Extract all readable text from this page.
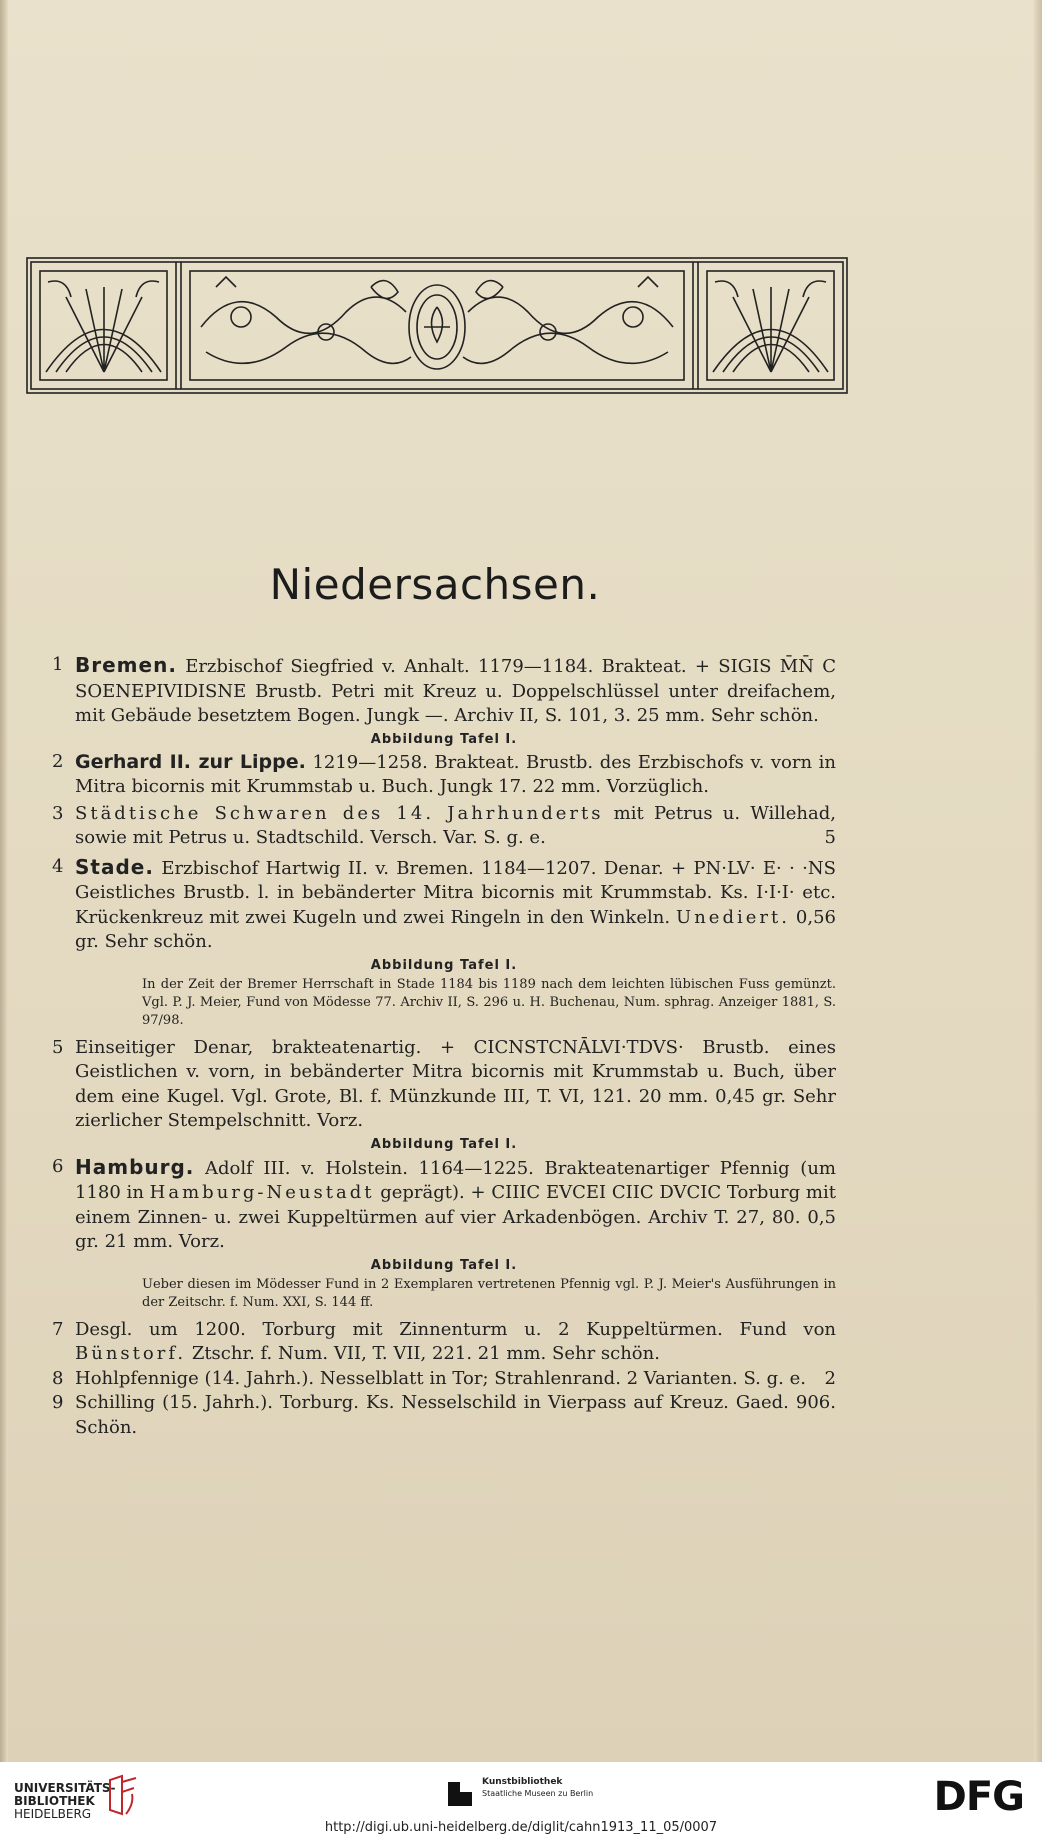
Niedersachsen.
1 Bremen. Erzbischof Siegfried v. Anhalt. 1179—1184. Brakteat. + SIGIS M̄N̄ C SOENEPIVIDISNE Brustb. Petri mit Kreuz u. Doppelschlüssel unter dreifachem, mit Gebäude besetztem Bogen. Jungk —. Archiv II, S. 101, 3. 25 mm. Sehr schön.
Abbildung Tafel I.
2 Gerhard II. zur Lippe. 1219—1258. Brakteat. Brustb. des Erzbischofs v. vorn in Mitra bicornis mit Krummstab u. Buch. Jungk 17. 22 mm. Vorzüglich.
3 Städtische Schwaren des 14. Jahrhunderts mit Petrus u. Willehad, sowie mit Petrus u. Stadtschild. Versch. Var. S. g. e.	5
4 Stade. Erzbischof Hartwig II. v. Bremen. 1184—1207. Denar. + PN·LV· E· · ·NS Geistliches Brustb. l. in bebänderter Mitra bicornis mit Krummstab. Ks. I·I·I· etc. Krückenkreuz mit zwei Kugeln und zwei Ringeln in den Winkeln. Unediert. 0,56 gr. Sehr schön.
Abbildung Tafel I.
In der Zeit der Bremer Herrschaft in Stade 1184 bis 1189 nach dem leichten lübischen Fuss gemünzt. Vgl. P. J. Meier, Fund von Mödesse 77. Archiv II, S. 296 u. H. Buchenau, Num. sphrag. Anzeiger 1881, S. 97/98.
5 Einseitiger Denar, brakteatenartig. + CICNSTCNĀLVI·TDVS· Brustb. eines Geistlichen v. vorn, in bebänderter Mitra bicornis mit Krummstab u. Buch, über dem eine Kugel. Vgl. Grote, Bl. f. Münzkunde III, T. VI, 121. 20 mm. 0,45 gr. Sehr zierlicher Stempelschnitt. Vorz.
Abbildung Tafel I.
6 Hamburg. Adolf III. v. Holstein. 1164—1225. Brakteatenartiger Pfennig (um 1180 in Hamburg-Neustadt geprägt). + CIIIC EVCEI CIIC DVCIC Torburg mit einem Zinnen- u. zwei Kuppeltürmen auf vier Arkadenbögen. Archiv T. 27, 80. 0,5 gr. 21 mm. Vorz.
Abbildung Tafel I.
Ueber diesen im Mödesser Fund in 2 Exemplaren vertretenen Pfennig vgl. P. J. Meier's Ausführungen in der Zeitschr. f. Num. XXI, S. 144 ff.
7 Desgl. um 1200. Torburg mit Zinnenturm u. 2 Kuppeltürmen. Fund von Bünstorf. Ztschr. f. Num. VII, T. VII, 221. 21 mm. Sehr schön.
8 Hohlpfennige (14. Jahrh.). Nesselblatt in Tor; Strahlenrand. 2 Varianten. S. g. e. 2
9 Schilling (15. Jahrh.). Torburg. Ks. Nesselschild in Vierpass auf Kreuz. Gaed. 906. Schön.
UNIVERSITÄTS-
BIBLIOTHEK
HEIDELBERG
Kunstbibliothek
Staatliche Museen zu Berlin	DFG
http://digi.ub.uni-heidelberg.de/diglit/cahn1913_11_05/0007
